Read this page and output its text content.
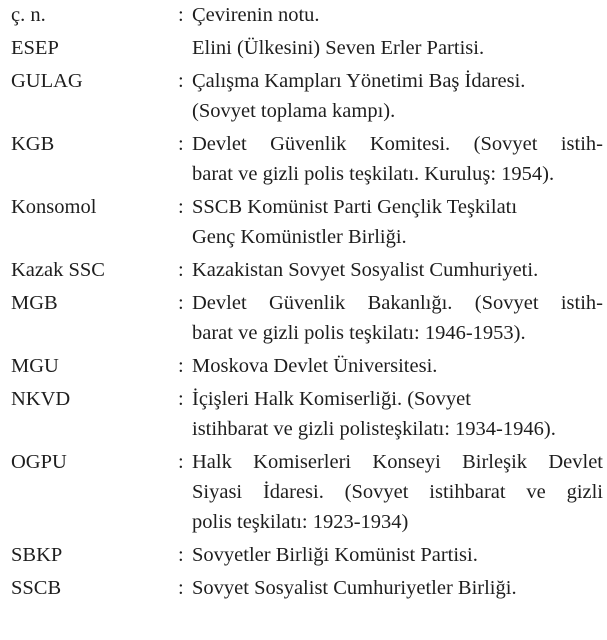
ç. n.	: Çevirenin notu.
ESEP	Elini (Ülkesini) Seven Erler Partisi.
GULAG	: Çalışma Kampları Yönetimi Baş İdaresi.
(Sovyet toplama kampı).
KGB	: Devlet Güvenlik Komitesi. (Sovyet istih-
barat ve gizli polis teşkilatı. Kuruluş: 1954).
Konsomol	: SSCB Komünist Parti Gençlik Teşkilatı
Genç Komünistler Birliği.
Kazak SSC	: Kazakistan Sovyet Sosyalist Cumhuriyeti.
MGB	: Devlet Güvenlik Bakanlığı. (Sovyet istih-
barat ve gizli polis teşkilatı: 1946-1953).
MGU	: Moskova Devlet Üniversitesi.
NKVD	: İçişleri Halk Komiserliği. (Sovyet
istihbarat ve gizli polisteşkilatı: 1934-1946).
OGPU	: Halk Komiserleri Konseyi Birleşik Devlet
Siyasi İdaresi. (Sovyet istihbarat ve gizli
polis teşkilatı: 1923-1934)
SBKP	: Sovyetler Birliği Komünist Partisi.
SSCB	: Sovyet Sosyalist Cumhuriyetler Birliği.
